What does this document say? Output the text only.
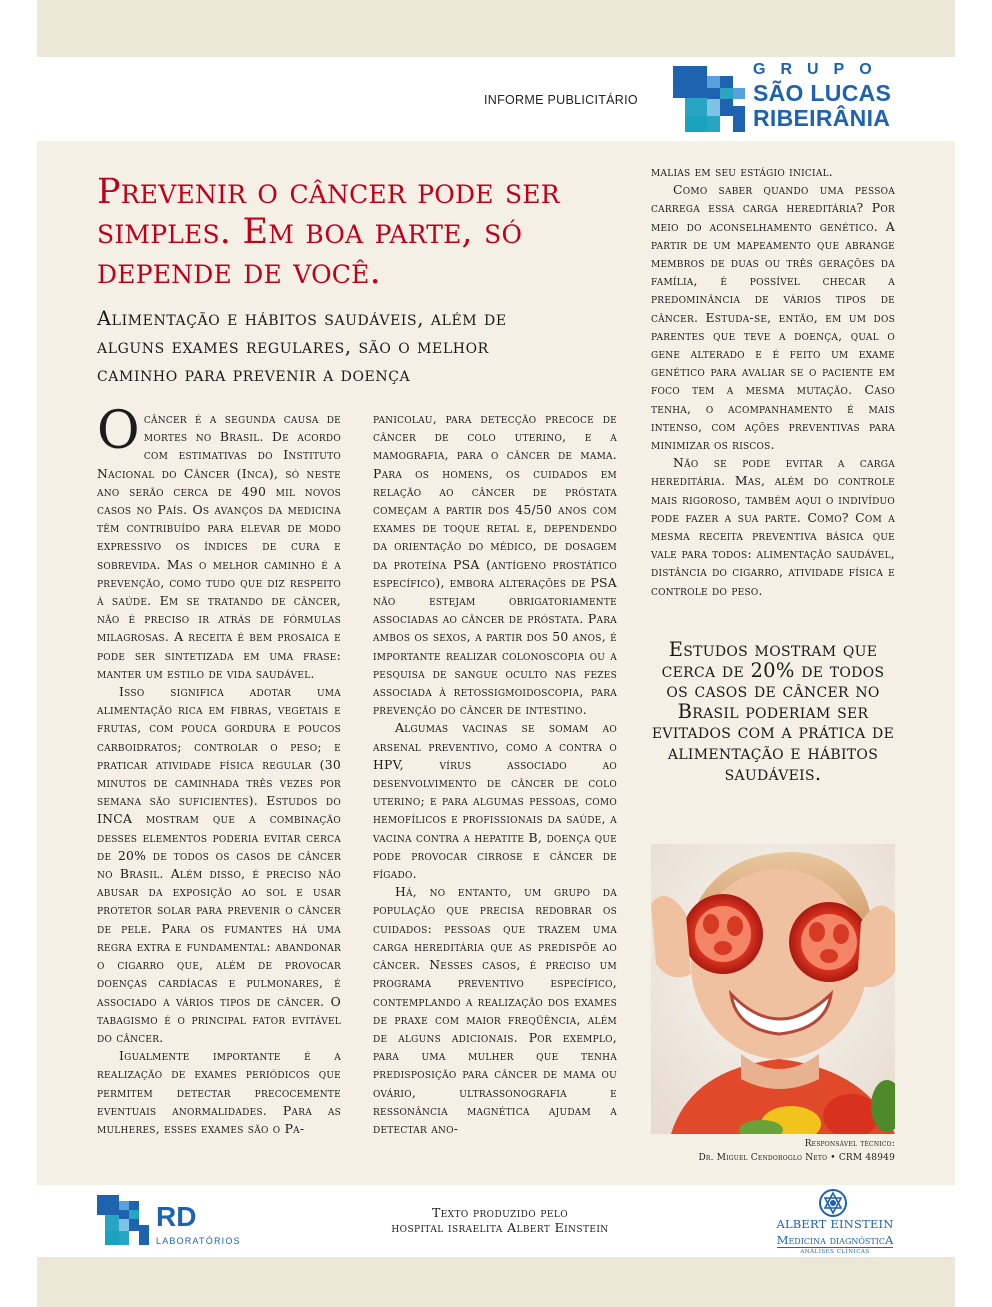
INFORME PUBLICITÁRIO
GRUPO
SÃO LUCAS
RIBEIRÂNIA
Prevenir o câncer pode ser simples. Em boa parte, só depende de você.
Alimentação e hábitos saudáveis, além de alguns exames regulares, são o melhor caminho para prevenir a doença

Ocâncer é a segunda causa de mortes no Brasil. De acordo com estimativas do Instituto Nacional do Câncer (Inca), só neste ano serão cerca de 490 mil novos casos no País. Os avanços da medicina têm contribuído para elevar de modo expressivo os índices de cura e sobrevida. Mas o melhor caminho é a prevenção, como tudo que diz respeito à saúde. Em se tratando de câncer, não é preciso ir atrás de fórmulas milagrosas. A receita é bem prosaica e pode ser sintetizada em uma frase: manter um estilo de vida saudável.

Isso significa adotar uma alimentação rica em fibras, vegetais e frutas, com pouca gordura e poucos carboidratos; controlar o peso; e praticar atividade física regular (30 minutos de caminhada três vezes por semana são suficientes). Estudos do INCA mostram que a combinação desses elementos poderia evitar cerca de 20% de todos os casos de câncer no Brasil. Além disso, é preciso não abusar da exposição ao sol e usar protetor solar para prevenir o câncer de pele. Para os fumantes há uma regra extra e fundamental: abandonar o cigarro que, além de provocar doenças cardíacas e pulmonares, é associado a vários tipos de câncer. O tabagismo é o principal fator evitável do câncer.

Igualmente importante é a realização de exames periódicos que permitem detectar precocemente eventuais anormalidades. Para as mulheres, esses exames são o Pa-

panicolau, para detecção precoce de câncer de colo uterino, e a mamografia, para o câncer de mama. Para os homens, os cuidados em relação ao câncer de próstata começam a partir dos 45/50 anos com exames de toque retal e, dependendo da orientação do médico, de dosagem da proteína PSA (antígeno prostático específico), embora alterações de PSA não estejam obrigatoriamente associadas ao câncer de próstata. Para ambos os sexos, a partir dos 50 anos, é importante realizar colonoscopia ou a pesquisa de sangue oculto nas fezes associada à retossigmoidoscopia, para prevenção do câncer de intestino.

Algumas vacinas se somam ao arsenal preventivo, como a contra o HPV, vírus associado ao desenvolvimento de câncer de colo uterino; e para algumas pessoas, como hemofílicos e profissionais da saúde, a vacina contra a hepatite B, doença que pode provocar cirrose e câncer de fígado.

Há, no entanto, um grupo da população que precisa redobrar os cuidados: pessoas que trazem uma carga hereditária que as predispõe ao câncer. Nesses casos, é preciso um programa preventivo específico, contemplando a realização dos exames de praxe com maior freqüência, além de alguns adicionais. Por exemplo, para uma mulher que tenha predisposição para câncer de mama ou ovário, ultrassonografia e ressonância magnética ajudam a detectar ano-

malias em seu estágio inicial.

Como saber quando uma pessoa carrega essa carga hereditária? Por meio do aconselhamento genético. A partir de um mapeamento que abrange membros de duas ou três gerações da família, é possível checar a predominância de vários tipos de câncer. Estuda-se, então, em um dos parentes que teve a doença, qual o gene alterado e é feito um exame genético para avaliar se o paciente em foco tem a mesma mutação. Caso tenha, o acompanhamento é mais intenso, com ações preventivas para minimizar os riscos.

Não se pode evitar a carga hereditária. Mas, além do controle mais rigoroso, também aqui o indivíduo pode fazer a sua parte. Como? Com a mesma receita preventiva básica que vale para todos: alimentação saudável, distância do cigarro, atividade física e controle do peso.

Estudos mostram que cerca de 20% de todos os casos de câncer no Brasil poderiam ser evitados com a prática de alimentação e hábitos saudáveis.
Responsável técnico:
Dr. Miguel Cendoroglo Neto • CRM 48949
RD
LABORATÓRIOS
Texto produzido pelo
hospital israelita Albert Einstein	ALBERT EINSTEIN
Medicina diagnósticA
ANÁLISES CLÍNICAS
